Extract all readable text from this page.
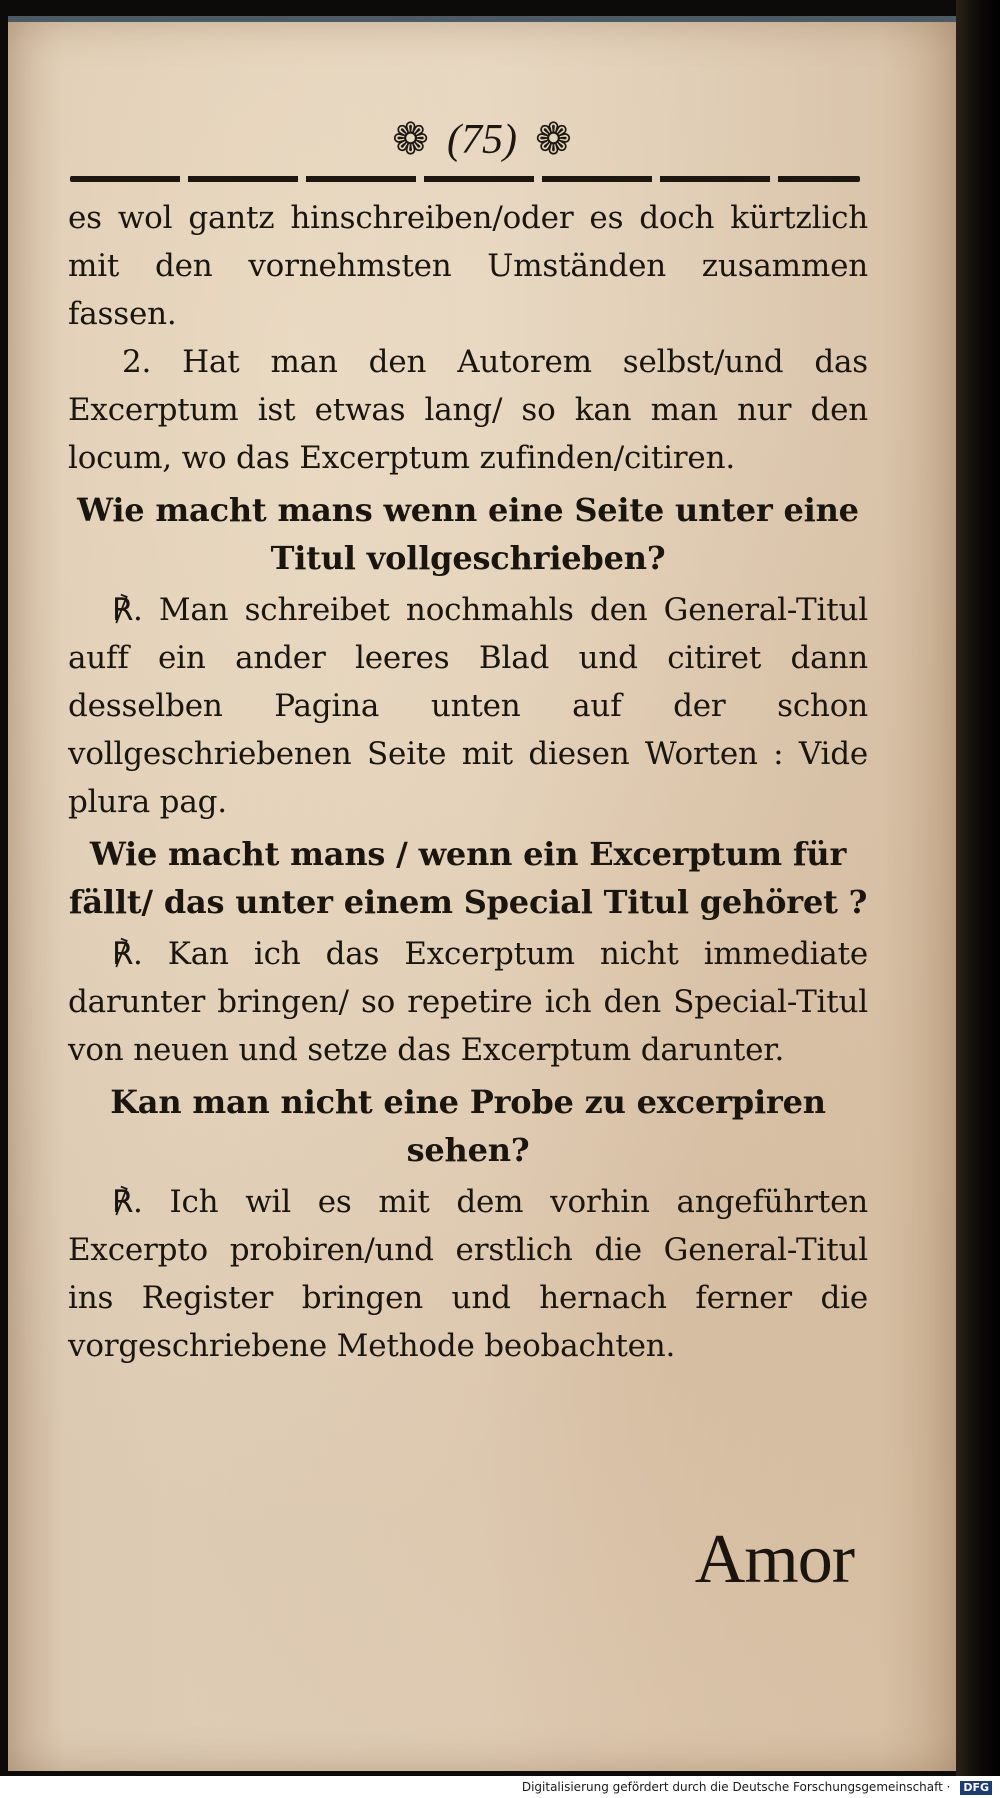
❁ (75) ❁

es wol gantz hinschreiben/oder es doch kürtzlich mit den vornehmsten Umständen zusammen fassen.

2. Hat man den Autorem selbst/und das Excerptum ist etwas lang/ so kan man nur den locum, wo das Excerptum zufinden/citiren.

Wie macht mans wenn eine Seite unter eine Titul vollgeschrieben?

℟. Man schreibet nochmahls den General-Titul auff ein ander leeres Blad und citiret dann desselben Pagina unten auf der schon vollgeschriebenen Seite mit diesen Worten : Vide plura pag.

Wie macht mans / wenn ein Excerptum für fällt/ das unter einem Special Titul gehöret ?

℟. Kan ich das Excerptum nicht immediate darunter bringen/ so repetire ich den Special-Titul von neuen und setze das Excerptum darunter.

Kan man nicht eine Probe zu excerpiren sehen?

℟. Ich wil es mit dem vorhin angeführten Excerpto probiren/und erstlich die General-Titul ins Register bringen und hernach ferner die vorgeschriebene Methode beobachten.

Amor
Digitalisierung gefördert durch die Deutsche Forschungsgemeinschaft · DFG
